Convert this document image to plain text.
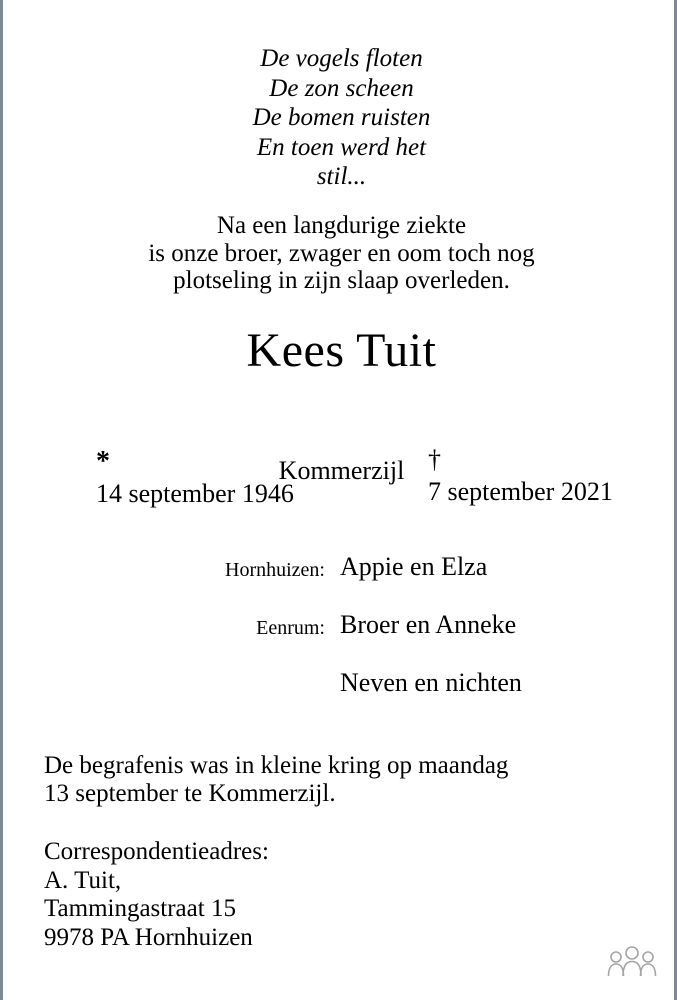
De vogels floten
De zon scheen
De bomen ruisten
En toen werd het
stil...
Na een langdurige ziekte
is onze broer, zwager en oom toch nog
plotseling in zijn slaap overleden.
Kees Tuit

*
14 september 1946

†
7 september 2021

Kommerzijl
Hornhuizen: Appie en Elza
Eenrum: Broer en Anneke
Neven en nichten
De begrafenis was in kleine kring op maandag
13 september te Kommerzijl.
Correspondentieadres:
A. Tuit,
Tammingastraat 15
9978 PA Hornhuizen
